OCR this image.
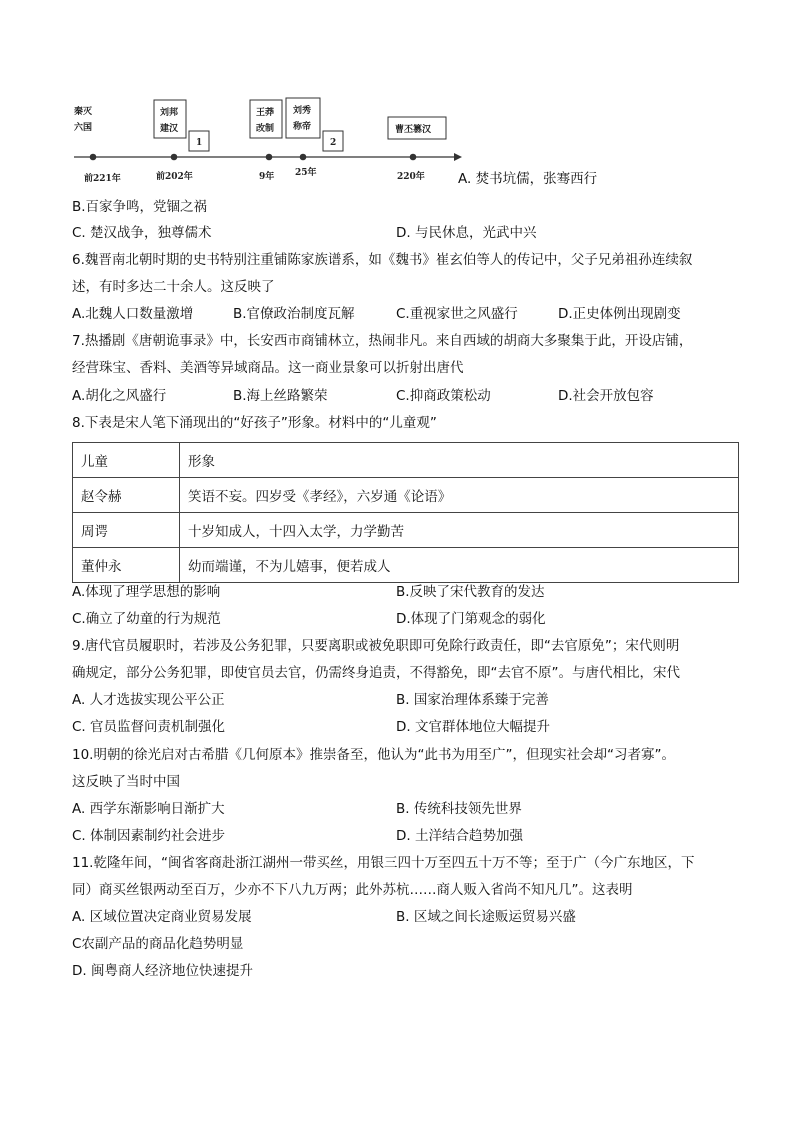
秦灭
六国
刘邦
建汉
1
王莽
改制
刘秀
称帝
2
曹丕篡汉
前221年	前202年	9年 25年	220年 A. 焚书坑儒，张骞西行
B.百家争鸣，党锢之祸
C. 楚汉战争，独尊儒术	D. 与民休息，光武中兴
6.魏晋南北朝时期的史书特别注重铺陈家族谱系，如《魏书》崔玄伯等人的传记中，父子兄弟祖孙连续叙
述，有时多达二十余人。这反映了
A.北魏人口数量激增	B.官僚政治制度瓦解	C.重视家世之风盛行	D.正史体例出现剧变
7.热播剧《唐朝诡事录》中，长安西市商铺林立，热闹非凡。来自西域的胡商大多聚集于此，开设店铺，
经营珠宝、香料、美酒等异域商品。这一商业景象可以折射出唐代
A.胡化之风盛行	B.海上丝路繁荣	C.抑商政策松动	D.社会开放包容
8.下表是宋人笔下涌现出的“好孩子”形象。材料中的“儿童观”
儿童	形象
赵令赫	笑语不妄。四岁受《孝经》，六岁通《论语》
周谔	十岁知成人，十四入太学，力学勤苦
董仲永	幼而端谨，不为儿嬉事，便若成人
A.体现了理学思想的影响	B.反映了宋代教育的发达
C.确立了幼童的行为规范	D.体现了门第观念的弱化
9.唐代官员履职时，若涉及公务犯罪，只要离职或被免职即可免除行政责任，即“去官原免”；宋代则明
确规定，部分公务犯罪，即使官员去官，仍需终身追责，不得豁免，即“去官不原”。与唐代相比，宋代
A. 人才选拔实现公平公正	B. 国家治理体系臻于完善
C. 官员监督问责机制强化	D. 文官群体地位大幅提升
10.明朝的徐光启对古希腊《几何原本》推崇备至，他认为“此书为用至广”，但现实社会却“习者寡”。
这反映了当时中国
A. 西学东渐影响日渐扩大	B. 传统科技领先世界
C. 体制因素制约社会进步	D. 土洋结合趋势加强
11.乾隆年间，“闽省客商赴浙江湖州一带买丝，用银三四十万至四五十万不等；至于广（今广东地区，下
同）商买丝银两动至百万，少亦不下八九万两；此外苏杭……商人贩入省尚不知凡几”。这表明
A. 区域位置决定商业贸易发展	B. 区域之间长途贩运贸易兴盛
C农副产品的商品化趋势明显
D. 闽粤商人经济地位快速提升
